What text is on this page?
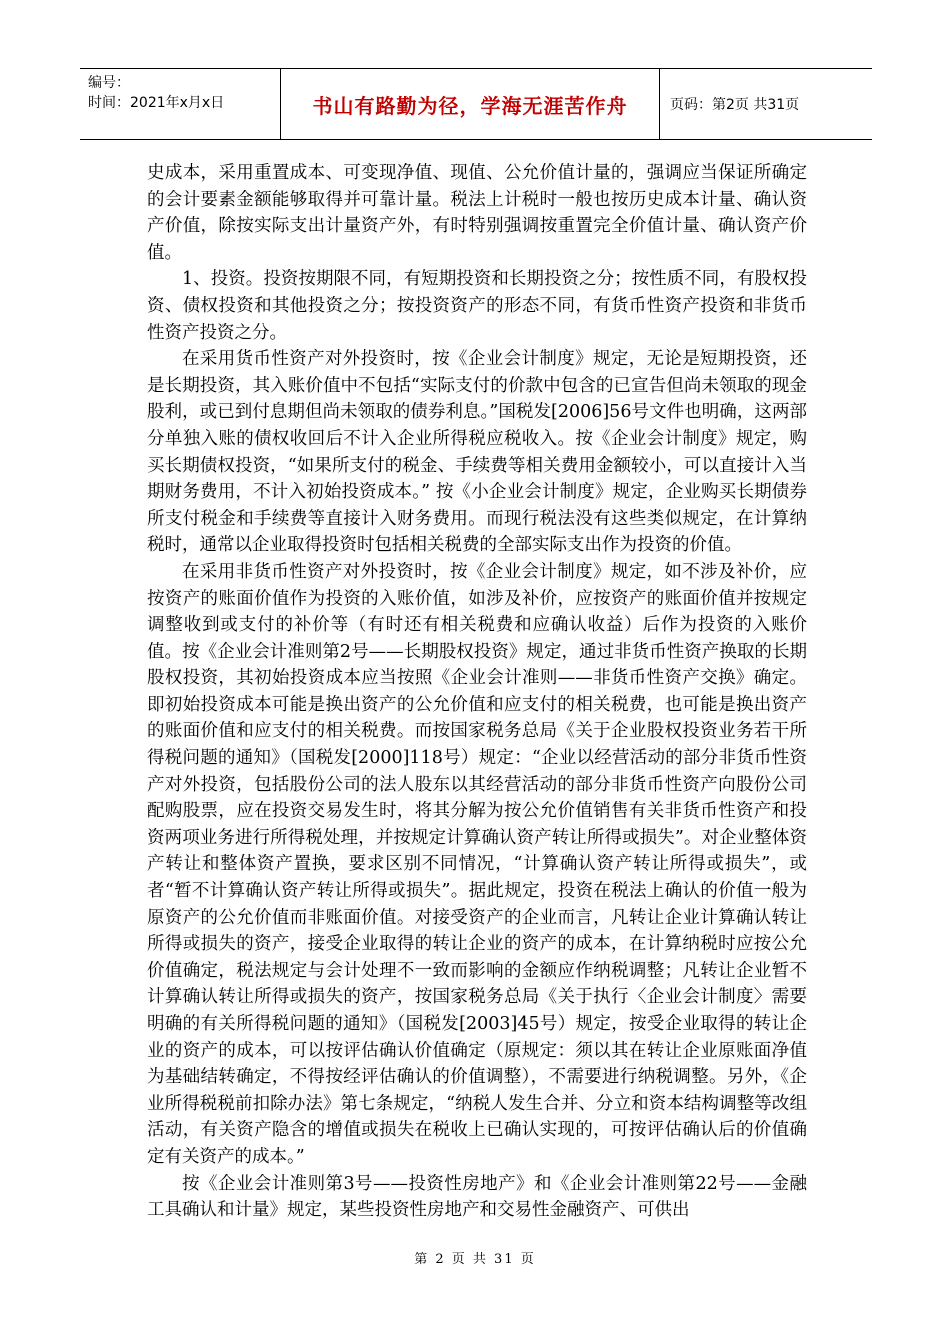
编号：
时间：2021年x月x日	书山有路勤为径，学海无涯苦作舟	页码：第2页 共31页

史成本，采用重置成本、可变现净值、现值、公允价值计量的，强调应当保证所确定的会计要素金额能够取得并可靠计量。税法上计税时一般也按历史成本计量、确认资产价值，除按实际支出计量资产外，有时特别强调按重置完全价值计量、确认资产价值。

1、投资。投资按期限不同，有短期投资和长期投资之分；按性质不同，有股权投资、债权投资和其他投资之分；按投资资产的形态不同，有货币性资产投资和非货币性资产投资之分。

在采用货币性资产对外投资时，按《企业会计制度》规定，无论是短期投资，还是长期投资，其入账价值中不包括“实际支付的价款中包含的已宣告但尚未领取的现金股利，或已到付息期但尚未领取的债券利息。”国税发[2006]56号文件也明确，这两部分单独入账的债权收回后不计入企业所得税应税收入。按《企业会计制度》规定，购买长期债权投资，“如果所支付的税金、手续费等相关费用金额较小，可以直接计入当期财务费用，不计入初始投资成本。” 按《小企业会计制度》规定，企业购买长期债券所支付税金和手续费等直接计入财务费用。而现行税法没有这些类似规定，在计算纳税时，通常以企业取得投资时包括相关税费的全部实际支出作为投资的价值。

在采用非货币性资产对外投资时，按《企业会计制度》规定，如不涉及补价，应按资产的账面价值作为投资的入账价值，如涉及补价，应按资产的账面价值并按规定调整收到或支付的补价等（有时还有相关税费和应确认收益）后作为投资的入账价值。按《企业会计准则第2号——长期股权投资》规定，通过非货币性资产换取的长期股权投资，其初始投资成本应当按照《企业会计准则——非货币性资产交换》确定。即初始投资成本可能是换出资产的公允价值和应支付的相关税费，也可能是换出资产的账面价值和应支付的相关税费。而按国家税务总局《关于企业股权投资业务若干所得税问题的通知》（国税发[2000]118号）规定：“企业以经营活动的部分非货币性资产对外投资，包括股份公司的法人股东以其经营活动的部分非货币性资产向股份公司配购股票，应在投资交易发生时，将其分解为按公允价值销售有关非货币性资产和投资两项业务进行所得税处理，并按规定计算确认资产转让所得或损失”。对企业整体资产转让和整体资产置换，要求区别不同情况，“计算确认资产转让所得或损失”，或者“暂不计算确认资产转让所得或损失”。据此规定，投资在税法上确认的价值一般为原资产的公允价值而非账面价值。对接受资产的企业而言，凡转让企业计算确认转让所得或损失的资产，接受企业取得的转让企业的资产的成本，在计算纳税时应按公允价值确定，税法规定与会计处理不一致而影响的金额应作纳税调整；凡转让企业暂不计算确认转让所得或损失的资产，按国家税务总局《关于执行〈企业会计制度〉需要明确的有关所得税问题的通知》（国税发[2003]45号）规定，按受企业取得的转让企业的资产的成本，可以按评估确认价值确定（原规定：须以其在转让企业原账面净值为基础结转确定，不得按经评估确认的价值调整），不需要进行纳税调整。另外，《企业所得税税前扣除办法》第七条规定，“纳税人发生合并、分立和资本结构调整等改组活动，有关资产隐含的增值或损失在税收上已确认实现的，可按评估确认后的价值确定有关资产的成本。”

按《企业会计准则第3号——投资性房地产》和《企业会计准则第22号——金融工具确认和计量》规定，某些投资性房地产和交易性金融资产、可供出

第 2 页 共 31 页
